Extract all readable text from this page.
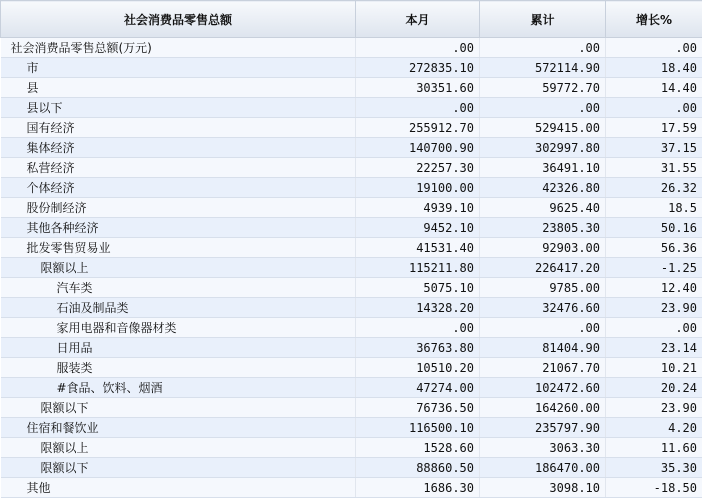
社会消费品零售总额	本月	累计	增长%
社会消费品零售总额(万元)	.00	.00	.00
市	272835.10	572114.90	18.40
县	30351.60	59772.70	14.40
县以下	.00	.00	.00
国有经济	255912.70	529415.00	17.59
集体经济	140700.90	302997.80	37.15
私营经济	22257.30	36491.10	31.55
个体经济	19100.00	42326.80	26.32
股份制经济	4939.10	9625.40	18.5
其他各种经济	9452.10	23805.30	50.16
批发零售贸易业	41531.40	92903.00	56.36
限额以上	115211.80	226417.20	-1.25
汽车类	5075.10	9785.00	12.40
石油及制品类	14328.20	32476.60	23.90
家用电器和音像器材类	.00	.00	.00
日用品	36763.80	81404.90	23.14
服装类	10510.20	21067.70	10.21
#食品、饮料、烟酒	47274.00	102472.60	20.24
限额以下	76736.50	164260.00	23.90
住宿和餐饮业	116500.10	235797.90	4.20
限额以上	1528.60	3063.30	11.60
限额以下	88860.50	186470.00	35.30
其他	1686.30	3098.10	-18.50
